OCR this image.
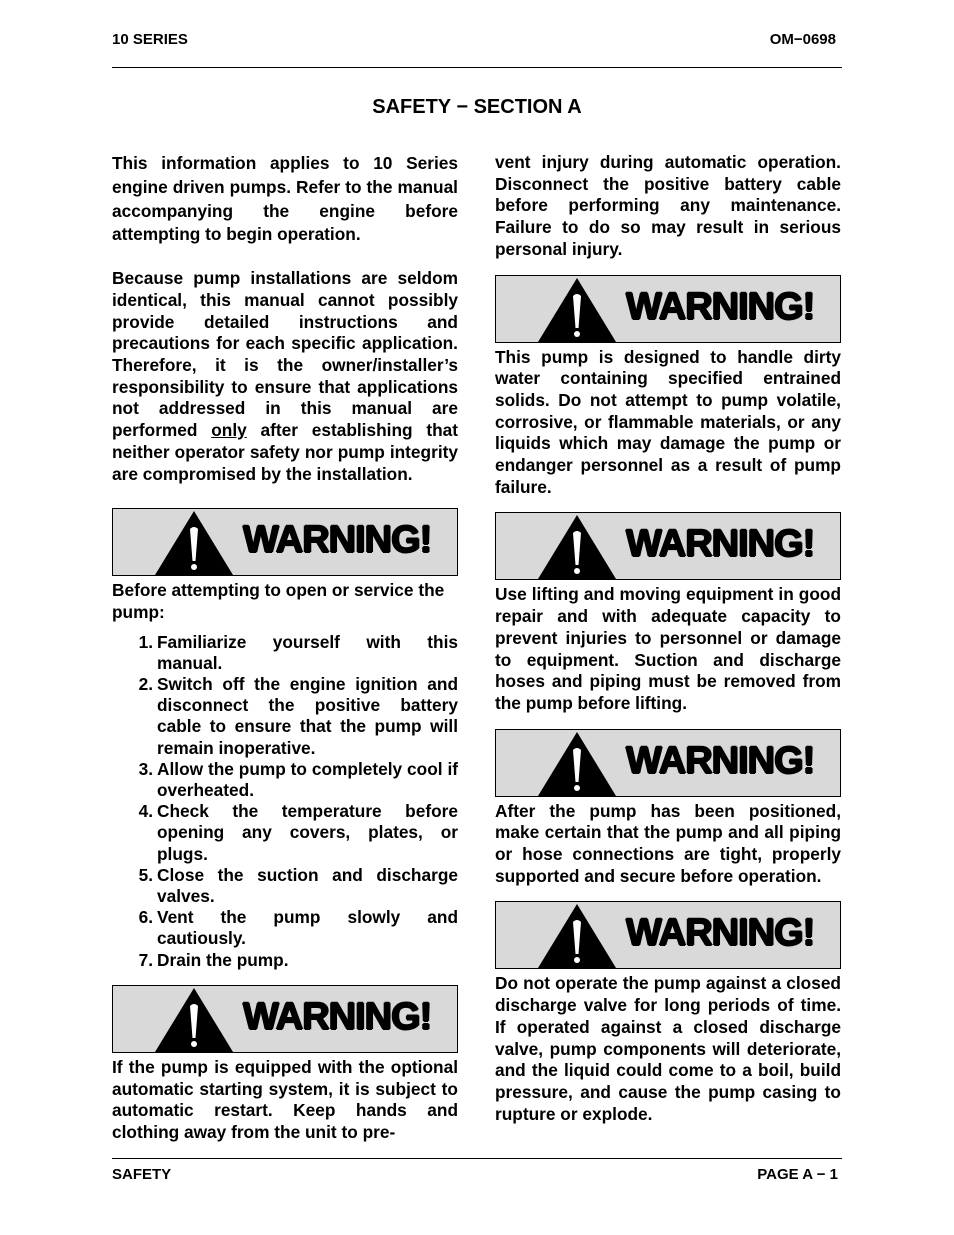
10 SERIES	OM−0698
SAFETY − SECTION A

This information applies to 10 Series engine driven pumps. Refer to the manual accompanying the engine before attempting to begin operation.

Because pump installations are seldom identical, this manual cannot possibly provide detailed instructions and precautions for each specific application. Therefore, it is the owner/installer’s responsibility to ensure that applications not addressed in this manual are performed only after establishing that neither operator safety nor pump integrity are compromised by the installation.

WARNING!

Before attempting to open or service the pump:

1. Familiarize yourself with this manual.
2. Switch off the engine ignition and disconnect the positive battery cable to ensure that the pump will remain inoperative.
3. Allow the pump to completely cool if overheated.
4. Check the temperature before opening any covers, plates, or plugs.
5. Close the suction and discharge valves.
6. Vent the pump slowly and cautiously.
7. Drain the pump.
WARNING!

If the pump is equipped with the optional automatic starting system, it is subject to automatic restart. Keep hands and clothing away from the unit to pre-

vent injury during automatic operation. Disconnect the positive battery cable before performing any maintenance. Failure to do so may result in serious personal injury.

WARNING!

This pump is designed to handle dirty water containing specified entrained solids. Do not attempt to pump volatile, corrosive, or flammable materials, or any liquids which may damage the pump or endanger personnel as a result of pump failure.

WARNING!

Use lifting and moving equipment in good repair and with adequate capacity to prevent injuries to personnel or damage to equipment. Suction and discharge hoses and piping must be removed from the pump before lifting.

WARNING!

After the pump has been positioned, make certain that the pump and all piping or hose connections are tight, properly supported and secure before operation.

WARNING!

Do not operate the pump against a closed discharge valve for long periods of time. If operated against a closed discharge valve, pump components will deteriorate, and the liquid could come to a boil, build pressure, and cause the pump casing to rupture or explode.

SAFETY	PAGE A − 1
